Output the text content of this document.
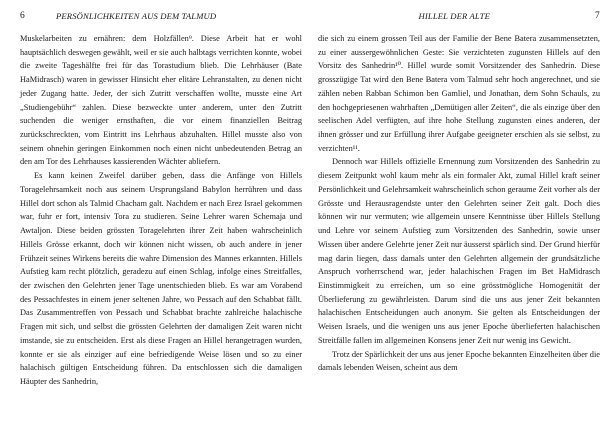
6	PERSÖNLICHKEITEN AUS DEM TALMUD

Muskelarbeiten zu ernähren: dem Holzfällen⁹. Diese Arbeit hat er wohl hauptsächlich deswegen gewählt, weil er sie auch halbtags verrichten konnte, wobei die zweite Tageshälfte frei für das Torastudium blieb. Die Lehrhäuser (Bate HaMidrasch) waren in gewisser Hinsicht eher elitäre Lehranstalten, zu denen nicht jeder Zugang hatte. Jeder, der sich Zutritt verschaffen wollte, musste eine Art „Studiengebühr“ zahlen. Diese bezweckte unter anderem, unter den Zutritt suchenden die weniger ernsthaften, die vor einem finanziellen Beitrag zurückschreckten, vom Eintritt ins Lehrhaus abzuhalten. Hillel musste also von seinem ohnehin geringen Einkommen noch einen nicht unbedeutenden Betrag an den am Tor des Lehrhauses kassierenden Wächter abliefern.

Es kann keinen Zweifel darüber geben, dass die Anfänge von Hillels Toragelehrsamkeit noch aus seinem Ursprungsland Babylon herrühren und dass Hillel dort schon als Talmid Chacham galt. Nachdem er nach Erez Israel gekommen war, fuhr er fort, intensiv Tora zu studieren. Seine Lehrer waren Schemaja und Awtaljon. Diese beiden grössten Toragelehrten ihrer Zeit haben wahrscheinlich Hillels Grösse erkannt, doch wir können nicht wissen, ob auch andere in jener Frühzeit seines Wirkens bereits die wahre Dimension des Mannes erkannten. Hillels Aufstieg kam recht plötzlich, geradezu auf einen Schlag, infolge eines Streitfalles, der zwischen den Gelehrten jener Tage unentschieden blieb. Es war am Vorabend des Pessachfestes in einem jener seltenen Jahre, wo Pessach auf den Schabbat fällt. Das Zusammentreffen von Pessach und Schabbat brachte zahlreiche halachische Fragen mit sich, und selbst die grössten Gelehrten der damaligen Zeit waren nicht imstande, sie zu entscheiden. Erst als diese Fragen an Hillel herangetragen wurden, konnte er sie als einziger auf eine befriedigende Weise lösen und so zu einer halachisch gültigen Entscheidung führen. Da entschlossen sich die damaligen Häupter des Sanhedrin,

HILLEL DER ALTE	7

die sich zu einem grossen Teil aus der Familie der Bene Batera zusammensetzten, zu einer aussergewöhnlichen Geste: Sie verzichteten zugunsten Hillels auf den Vorsitz des Sanhedrin¹⁰. Hillel wurde somit Vorsitzender des Sanhedrin. Diese grosszügige Tat wird den Bene Batera vom Talmud sehr hoch angerechnet, und sie zählen neben Rabban Schimon ben Gamliel, und Jonathan, dem Sohn Schauls, zu den hochgepriesenen wahrhaften „Demütigen aller Zeiten“, die als einzige über den seelischen Adel verfügten, auf ihre hohe Stellung zugunsten eines anderen, der ihnen grösser und zur Erfüllung ihrer Aufgabe geeigneter erschien als sie selbst, zu verzichten¹¹.

Dennoch war Hillels offizielle Ernennung zum Vorsitzenden des Sanhedrin zu diesem Zeitpunkt wohl kaum mehr als ein formaler Akt, zumal Hillel kraft seiner Persönlichkeit und Gelehrsamkeit wahrscheinlich schon geraume Zeit vorher als der Grösste und Herausragendste unter den Gelehrten seiner Zeit galt. Doch dies können wir nur vermuten; wie allgemein unsere Kenntnisse über Hillels Stellung und Lehre vor seinem Aufstieg zum Vorsitzenden des Sanhedrin, sowie unser Wissen über andere Gelehrte jener Zeit nur äusserst spärlich sind. Der Grund hierfür mag darin liegen, dass damals unter den Gelehrten allgemein der grundsätzliche Anspruch vorherrschend war, jeder halachischen Fragen im Bet HaMidrasch Einstimmigkeit zu erreichen, um so eine grösstmögliche Homogenität der Überlieferung zu gewährleisten. Darum sind die uns aus jener Zeit bekannten halachischen Entscheidungen auch anonym. Sie gelten als Entscheidungen der Weisen Israels, und die wenigen uns aus jener Epoche überlieferten halachischen Streitfälle fallen im allgemeinen Konsens jener Zeit nur wenig ins Gewicht.

Trotz der Spärlichkeit der uns aus jener Epoche bekannten Einzelheiten über die damals lebenden Weisen, scheint aus dem
